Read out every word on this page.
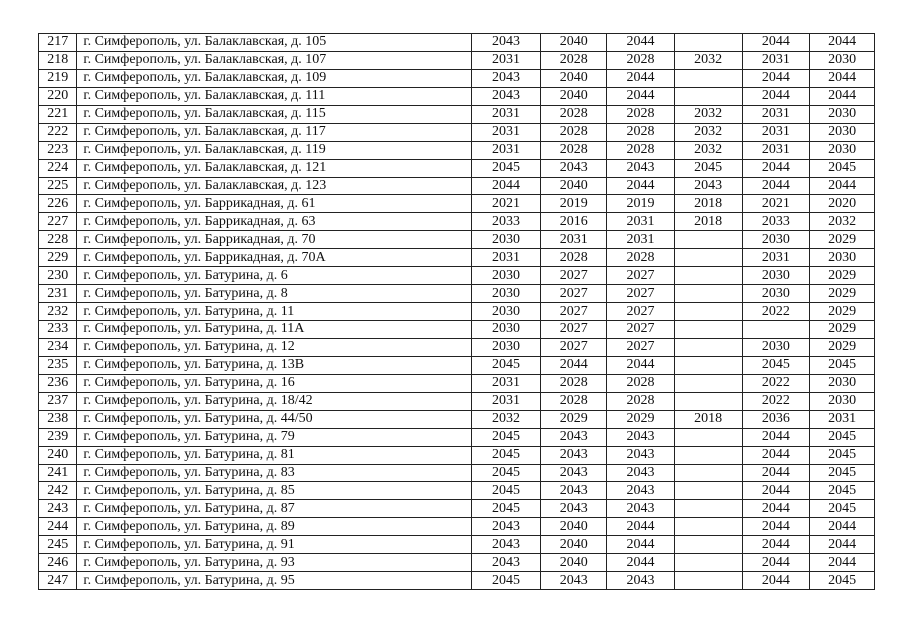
217	г. Симферополь, ул. Балаклавская, д. 105	2043	2040	2044		2044	2044
218	г. Симферополь, ул. Балаклавская, д. 107	2031	2028	2028	2032	2031	2030
219	г. Симферополь, ул. Балаклавская, д. 109	2043	2040	2044		2044	2044
220	г. Симферополь, ул. Балаклавская, д. 111	2043	2040	2044		2044	2044
221	г. Симферополь, ул. Балаклавская, д. 115	2031	2028	2028	2032	2031	2030
222	г. Симферополь, ул. Балаклавская, д. 117	2031	2028	2028	2032	2031	2030
223	г. Симферополь, ул. Балаклавская, д. 119	2031	2028	2028	2032	2031	2030
224	г. Симферополь, ул. Балаклавская, д. 121	2045	2043	2043	2045	2044	2045
225	г. Симферополь, ул. Балаклавская, д. 123	2044	2040	2044	2043	2044	2044
226	г. Симферополь, ул. Баррикадная, д. 61	2021	2019	2019	2018	2021	2020
227	г. Симферополь, ул. Баррикадная, д. 63	2033	2016	2031	2018	2033	2032
228	г. Симферополь, ул. Баррикадная, д. 70	2030	2031	2031		2030	2029
229	г. Симферополь, ул. Баррикадная, д. 70А	2031	2028	2028		2031	2030
230	г. Симферополь, ул. Батурина, д. 6	2030	2027	2027		2030	2029
231	г. Симферополь, ул. Батурина, д. 8	2030	2027	2027		2030	2029
232	г. Симферополь, ул. Батурина, д. 11	2030	2027	2027		2022	2029
233	г. Симферополь, ул. Батурина, д. 11А	2030	2027	2027			2029
234	г. Симферополь, ул. Батурина, д. 12	2030	2027	2027		2030	2029
235	г. Симферополь, ул. Батурина, д. 13В	2045	2044	2044		2045	2045
236	г. Симферополь, ул. Батурина, д. 16	2031	2028	2028		2022	2030
237	г. Симферополь, ул. Батурина, д. 18/42	2031	2028	2028		2022	2030
238	г. Симферополь, ул. Батурина, д. 44/50	2032	2029	2029	2018	2036	2031
239	г. Симферополь, ул. Батурина, д. 79	2045	2043	2043		2044	2045
240	г. Симферополь, ул. Батурина, д. 81	2045	2043	2043		2044	2045
241	г. Симферополь, ул. Батурина, д. 83	2045	2043	2043		2044	2045
242	г. Симферополь, ул. Батурина, д. 85	2045	2043	2043		2044	2045
243	г. Симферополь, ул. Батурина, д. 87	2045	2043	2043		2044	2045
244	г. Симферополь, ул. Батурина, д. 89	2043	2040	2044		2044	2044
245	г. Симферополь, ул. Батурина, д. 91	2043	2040	2044		2044	2044
246	г. Симферополь, ул. Батурина, д. 93	2043	2040	2044		2044	2044
247	г. Симферополь, ул. Батурина, д. 95	2045	2043	2043		2044	2045
